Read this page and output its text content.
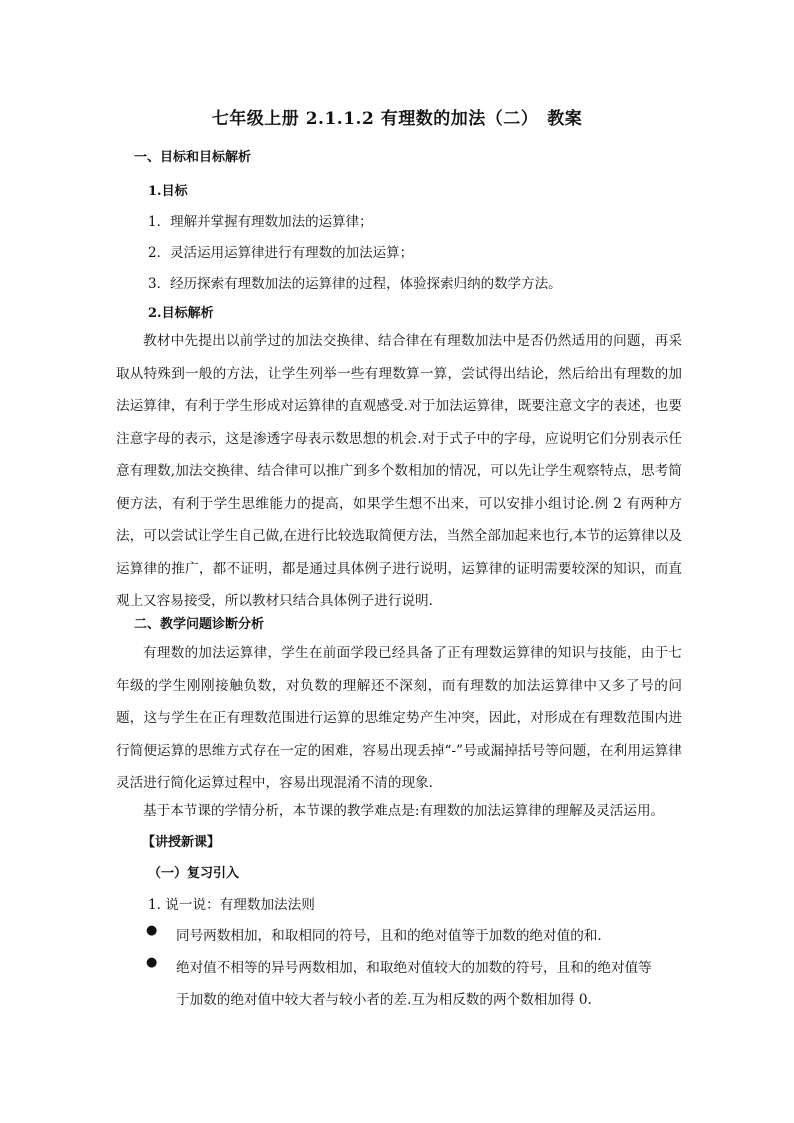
七年级上册 2.1.1.2 有理数的加法（二）　教案
一、目标和目标解析
1.目标
1．理解并掌握有理数加法的运算律；
2．灵活运用运算律进行有理数的加法运算；
3．经历探索有理数加法的运算律的过程，体验探索归纳的数学方法。
2.目标解析

教材中先提出以前学过的加法交换律、结合律在有理数加法中是否仍然适用的问题，再采取从特殊到一般的方法，让学生列举一些有理数算一算，尝试得出结论，然后给出有理数的加法运算律，有利于学生形成对运算律的直观感受.对于加法运算律，既要注意文字的表述，也要注意字母的表示，这是渗透字母表示数思想的机会.对于式子中的字母，应说明它们分别表示任意有理数,加法交换律、结合律可以推广到多个数相加的情况，可以先让学生观察特点，思考简便方法，有利于学生思维能力的提高，如果学生想不出来，可以安排小组讨论.例 2 有两种方法，可以尝试让学生自己做,在进行比较选取简便方法，当然全部加起来也行,本节的运算律以及运算律的推广，都不证明，都是通过具体例子进行说明，运算律的证明需要较深的知识，而直观上又容易接受，所以教材只结合具体例子进行说明.

二、教学问题诊断分析

有理数的加法运算律，学生在前面学段已经具备了正有理数运算律的知识与技能，由于七年级的学生刚刚接触负数，对负数的理解还不深刻，而有理数的加法运算律中又多了号的问题，这与学生在正有理数范围进行运算的思维定势产生冲突，因此，对形成在有理数范围内进行简便运算的思维方式存在一定的困难，容易出现丢掉“-”号或漏掉括号等问题，在利用运算律灵活进行简化运算过程中，容易出现混淆不清的现象.

基于本节课的学情分析，本节课的教学难点是:有理数的加法运算律的理解及灵活运用。

【讲授新课】
（一）复习引入
1. 说一说：有理数加法法则
● 同号两数相加，和取相同的符号，且和的绝对值等于加数的绝对值的和.
● 绝对值不相等的异号两数相加，和取绝对值较大的加数的符号，且和的绝对值等
于加数的绝对值中较大者与较小者的差.互为相反数的两个数相加得 0.
